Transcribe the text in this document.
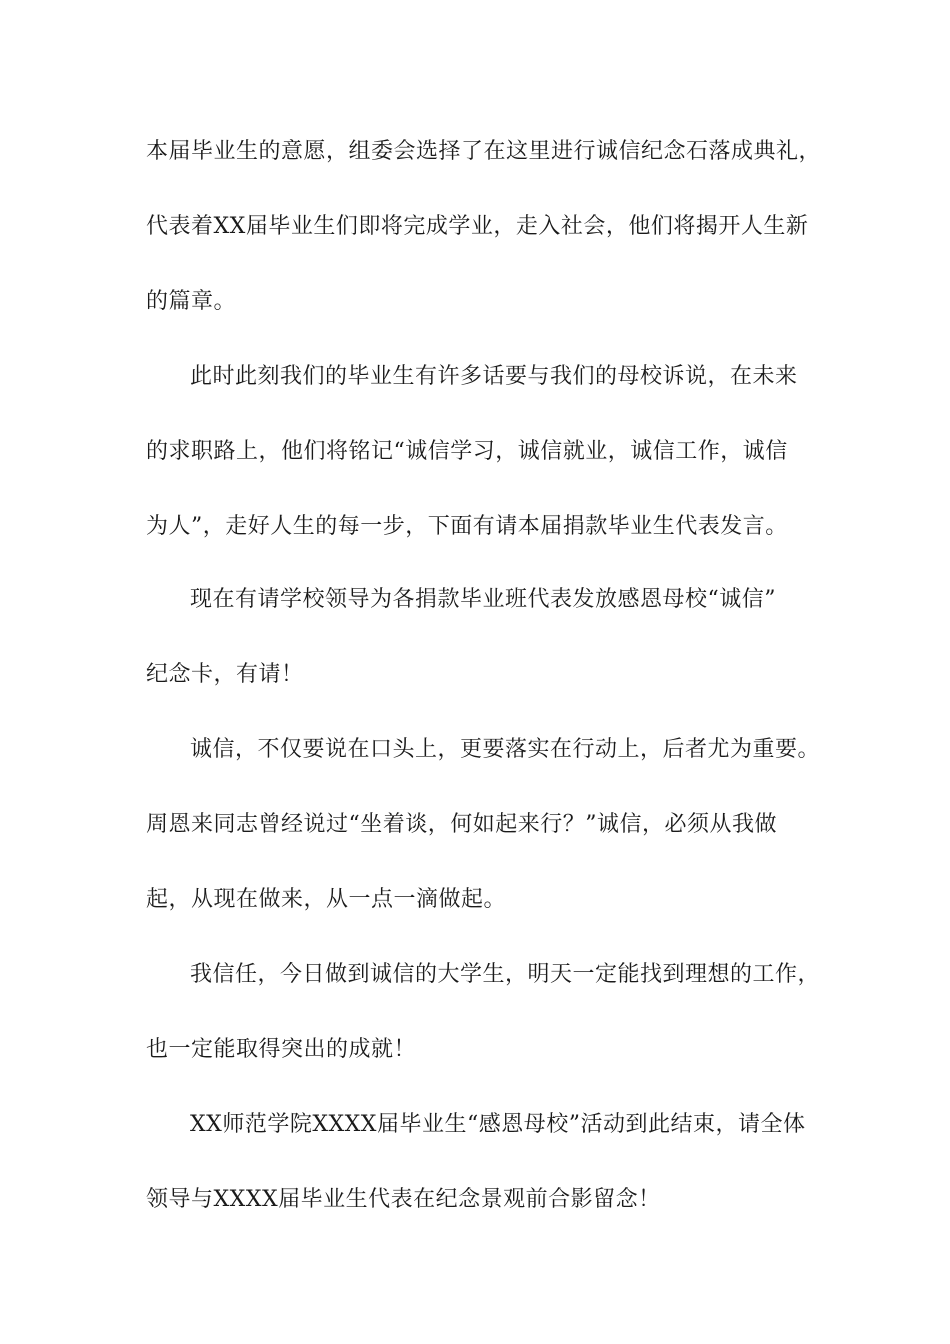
本届毕业生的意愿，组委会选择了在这里进行诚信纪念石落成典礼，
代表着XX届毕业生们即将完成学业，走入社会，他们将揭开人生新
的篇章。
此时此刻我们的毕业生有许多话要与我们的母校诉说，在未来
的求职路上，他们将铭记“诚信学习，诚信就业，诚信工作，诚信
为人”，走好人生的每一步，下面有请本届捐款毕业生代表发言。
现在有请学校领导为各捐款毕业班代表发放感恩母校“诚信”
纪念卡，有请！
诚信，不仅要说在口头上，更要落实在行动上，后者尤为重要。
周恩来同志曾经说过“坐着谈，何如起来行？”诚信，必须从我做
起，从现在做来，从一点一滴做起。
我信任，今日做到诚信的大学生，明天一定能找到理想的工作，
也一定能取得突出的成就！
XX师范学院XXXX届毕业生“感恩母校”活动到此结束，请全体
领导与XXXX届毕业生代表在纪念景观前合影留念！
